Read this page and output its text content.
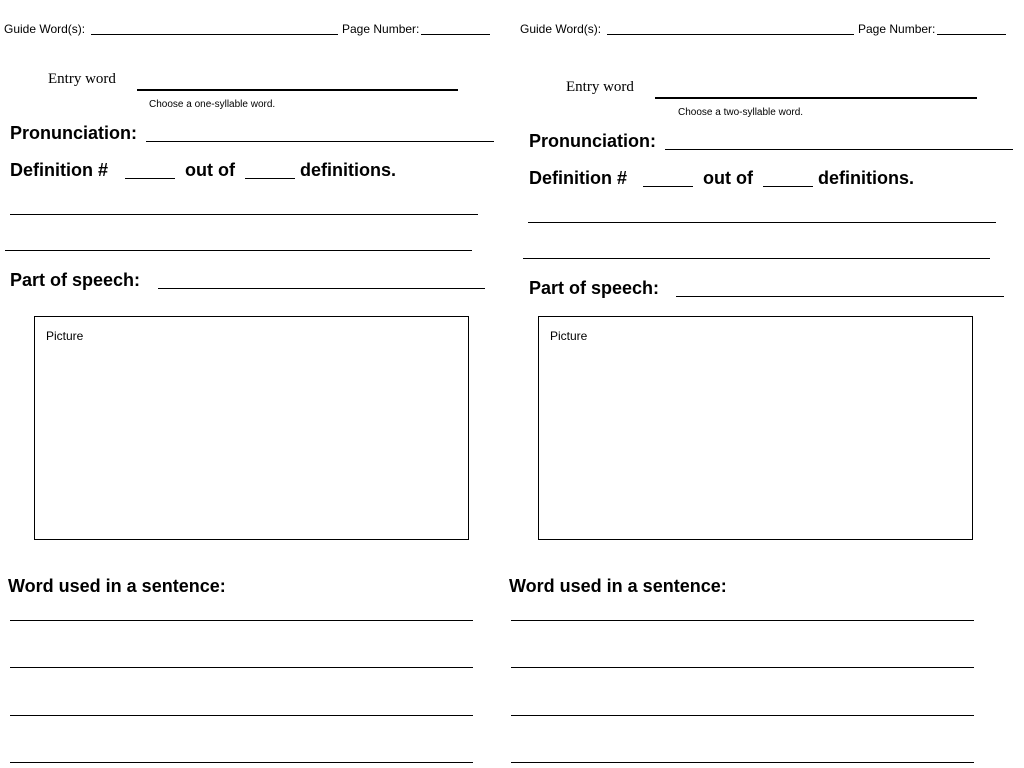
Guide Word(s):	Page Number:
Entry word
Choose a one-syllable word.
Pronunciation:
Definition #	out of	definitions.
Part of speech:
Picture
Word used in a sentence:
Guide Word(s):	Page Number:
Entry word
Choose a two-syllable word.
Pronunciation:
Definition #	out of	definitions.
Part of speech:
Picture
Word used in a sentence:
